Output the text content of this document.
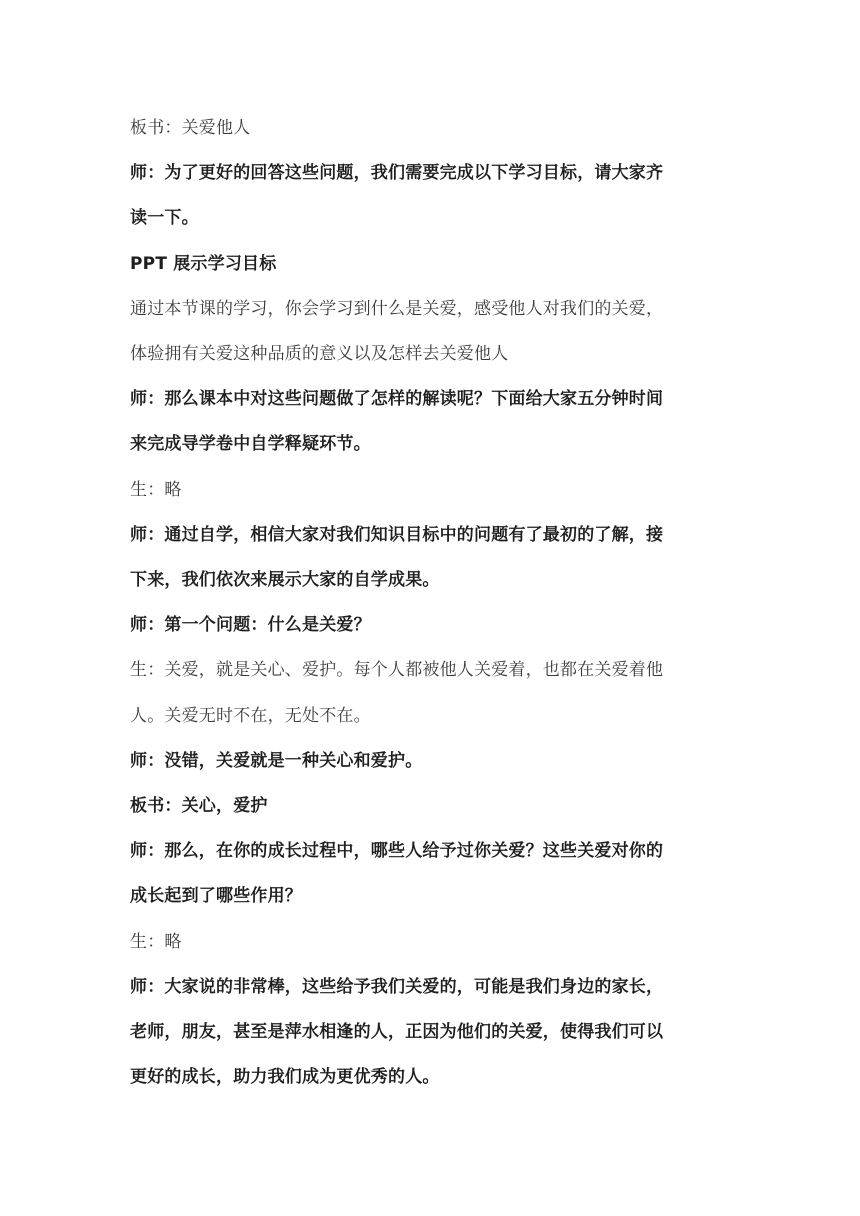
板书：关爱他人
师：为了更好的回答这些问题，我们需要完成以下学习目标，请大家齐
读一下。
PPT 展示学习目标
通过本节课的学习，你会学习到什么是关爱，感受他人对我们的关爱，
体验拥有关爱这种品质的意义以及怎样去关爱他人
师：那么课本中对这些问题做了怎样的解读呢？下面给大家五分钟时间
来完成导学卷中自学释疑环节。
生：略
师：通过自学，相信大家对我们知识目标中的问题有了最初的了解，接
下来，我们依次来展示大家的自学成果。
师：第一个问题：什么是关爱？
生：关爱，就是关心、爱护。每个人都被他人关爱着，也都在关爱着他
人。关爱无时不在，无处不在。
师：没错，关爱就是一种关心和爱护。
板书：关心，爱护
师：那么，在你的成长过程中，哪些人给予过你关爱？这些关爱对你的
成长起到了哪些作用？
生：略
师：大家说的非常棒，这些给予我们关爱的，可能是我们身边的家长，
老师，朋友，甚至是萍水相逢的人，正因为他们的关爱，使得我们可以
更好的成长，助力我们成为更优秀的人。
